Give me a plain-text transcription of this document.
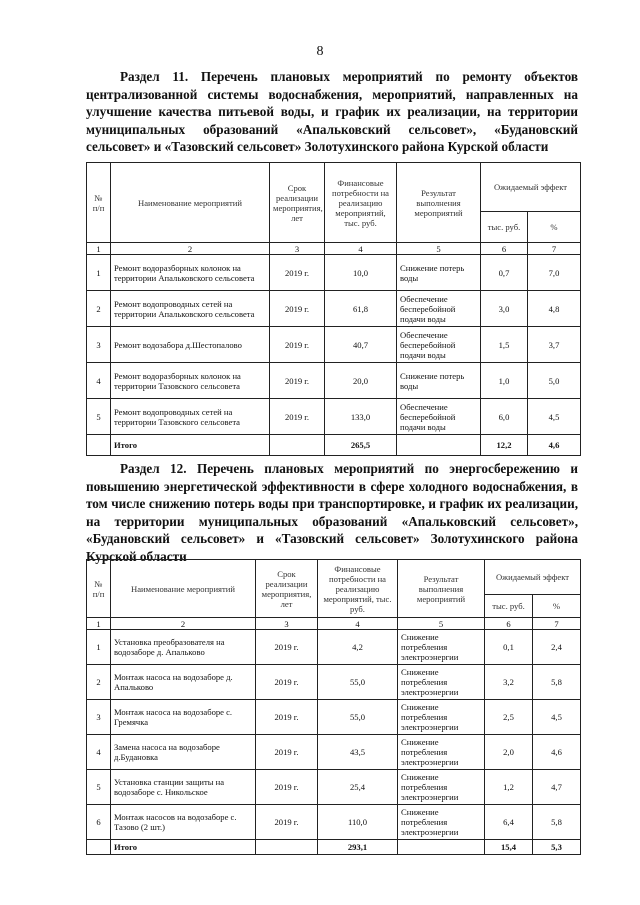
8
Раздел 11. Перечень плановых мероприятий по ремонту объектов централизованной системы водоснабжения, мероприятий, направленных на улучшение качества питьевой воды, и график их реализации, на территории муниципальных образований «Апальковский сельсовет», «Будановский сельсовет» и «Тазовский сельсовет» Золотухинского района Курской области
№ п/п	Наименование мероприятий	Срок реализации мероприятия, лет	Финансовые потребности на реализацию мероприятий, тыс. руб.	Результат выполнения мероприятий	Ожидаемый эффект	
					тыс. руб.	%
1	2	3	4	5	6	7
1	Ремонт водоразборных колонок на территории Апальковского сельсовета	2019 г.	10,0	Снижение потерь воды	0,7	7,0
2	Ремонт водопроводных сетей на территории Апальковского сельсовета	2019 г.	61,8	Обеспечение бесперебойной подачи воды	3,0	4,8
3	Ремонт водозабора д.Шестопалово	2019 г.	40,7	Обеспечение бесперебойной подачи воды	1,5	3,7
4	Ремонт водоразборных колонок на территории Тазовского сельсовета	2019 г.	20,0	Снижение потерь воды	1,0	5,0
5	Ремонт водопроводных сетей на территории Тазовского сельсовета	2019 г.	133,0	Обеспечение бесперебойной подачи воды	6,0	4,5
	Итого		265,5		12,2	4,6
Раздел 12. Перечень плановых мероприятий по энергосбережению и повышению энергетической эффективности в сфере холодного водоснабжения, в том числе снижению потерь воды при транспортировке, и график их реализации, на территории муниципальных образований «Апальковский сельсовет», «Будановский сельсовет» и «Тазовский сельсовет» Золотухинского района Курской области
№ п/п	Наименование мероприятий	Срок реализации мероприятия, лет	Финансовые потребности на реализацию мероприятий, тыс. руб.	Результат выполнения мероприятий	Ожидаемый эффект	
					тыс. руб.	%
1	2	3	4	5	6	7
1	Установка преобразователя на водозаборе д. Апальково	2019 г.	4,2	Снижение потребления электроэнергии	0,1	2,4
2	Монтаж насоса на водозаборе д. Апальково	2019 г.	55,0	Снижение потребления электроэнергии	3,2	5,8
3	Монтаж насоса на водозаборе с. Гремячка	2019 г.	55,0	Снижение потребления электроэнергии	2,5	4,5
4	Замена насоса на водозаборе д.Будановка	2019 г.	43,5	Снижение потребления электроэнергии	2,0	4,6
5	Установка станции защиты на водозаборе с. Никольское	2019 г.	25,4	Снижение потребления электроэнергии	1,2	4,7
6	Монтаж насосов на водозаборе с. Тазово (2 шт.)	2019 г.	110,0	Снижение потребления электроэнергии	6,4	5,8
	Итого		293,1		15,4	5,3
